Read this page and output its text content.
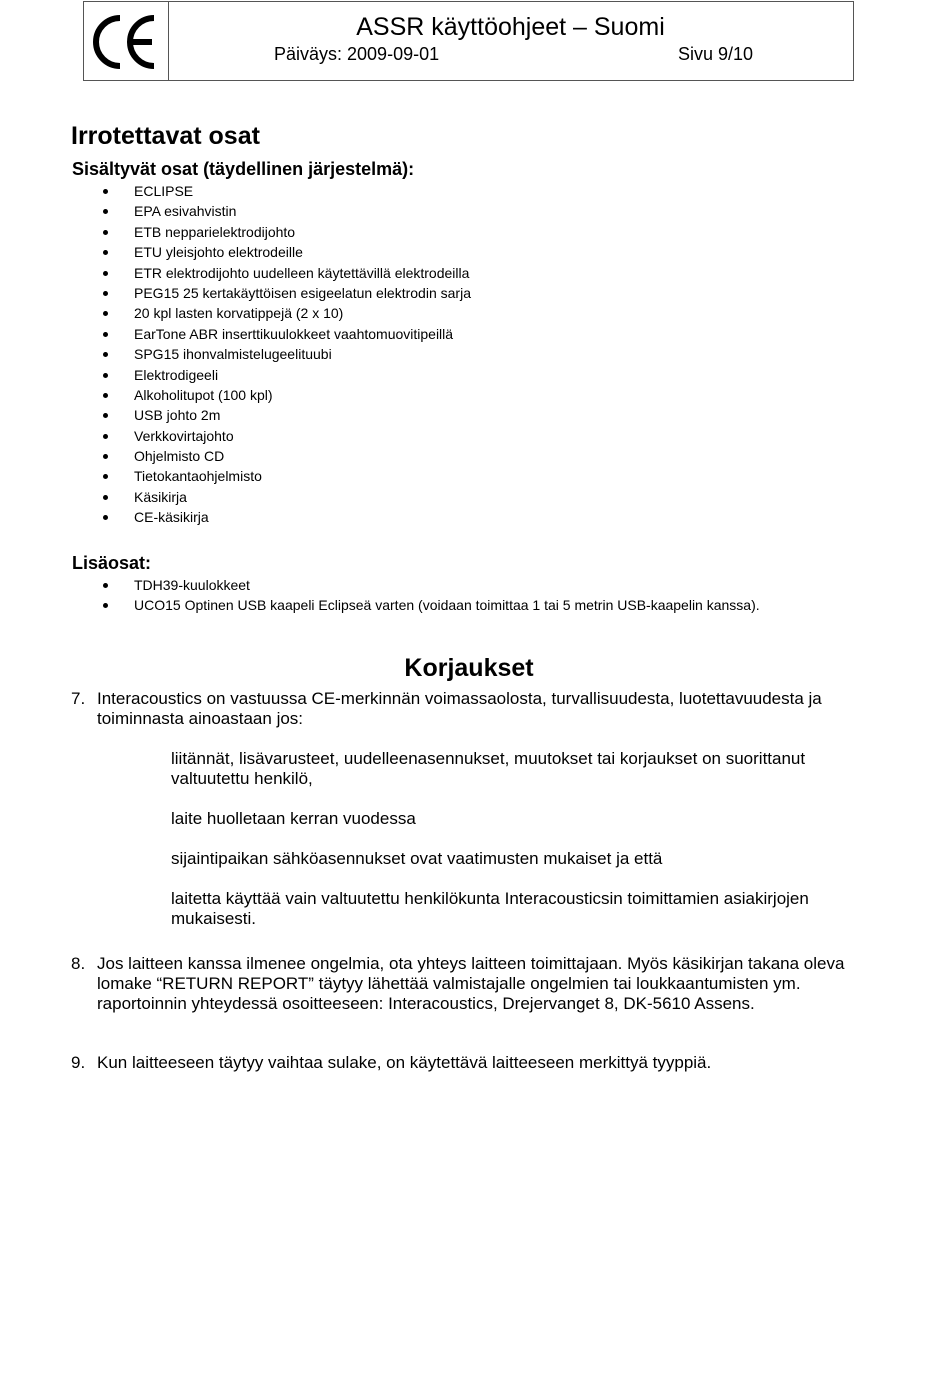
ASSR käyttöohjeet – Suomi
Päiväys: 2009-09-01	Sivu 9/10
Irrotettavat osat
Sisältyvät osat (täydellinen järjestelmä):
ECLIPSE
EPA esivahvistin
ETB nepparielektrodijohto
ETU yleisjohto elektrodeille
ETR elektrodijohto uudelleen käytettävillä elektrodeilla
PEG15 25 kertakäyttöisen esigeelatun elektrodin sarja
20 kpl lasten korvatippejä (2 x 10)
EarTone ABR inserttikuulokkeet vaahtomuovitipeillä
SPG15 ihonvalmistelugeelituubi
Elektrodigeeli
Alkoholitupot (100 kpl)
USB johto 2m
Verkkovirtajohto
Ohjelmisto CD
Tietokantaohjelmisto
Käsikirja
CE-käsikirja
Lisäosat:
TDH39-kuulokkeet
UCO15 Optinen USB kaapeli Eclipseä varten (voidaan toimittaa 1 tai 5 metrin USB-kaapelin kanssa).
Korjaukset
7. Interacoustics on vastuussa CE-merkinnän voimassaolosta, turvallisuudesta, luotettavuudesta ja toiminnasta ainoastaan jos:
liitännät, lisävarusteet, uudelleenasennukset, muutokset tai korjaukset on suorittanut valtuutettu henkilö,
laite huolletaan kerran vuodessa
sijaintipaikan sähköasennukset ovat vaatimusten mukaiset ja että
laitetta käyttää vain valtuutettu henkilökunta Interacousticsin toimittamien asiakirjojen mukaisesti.
8. Jos laitteen kanssa ilmenee ongelmia, ota yhteys laitteen toimittajaan. Myös käsikirjan takana oleva lomake “RETURN REPORT” täytyy lähettää valmistajalle ongelmien tai loukkaantumisten ym. raportoinnin yhteydessä osoitteeseen: Interacoustics, Drejervanget 8, DK-5610 Assens.
9. Kun laitteeseen täytyy vaihtaa sulake, on käytettävä laitteeseen merkittyä tyyppiä.
